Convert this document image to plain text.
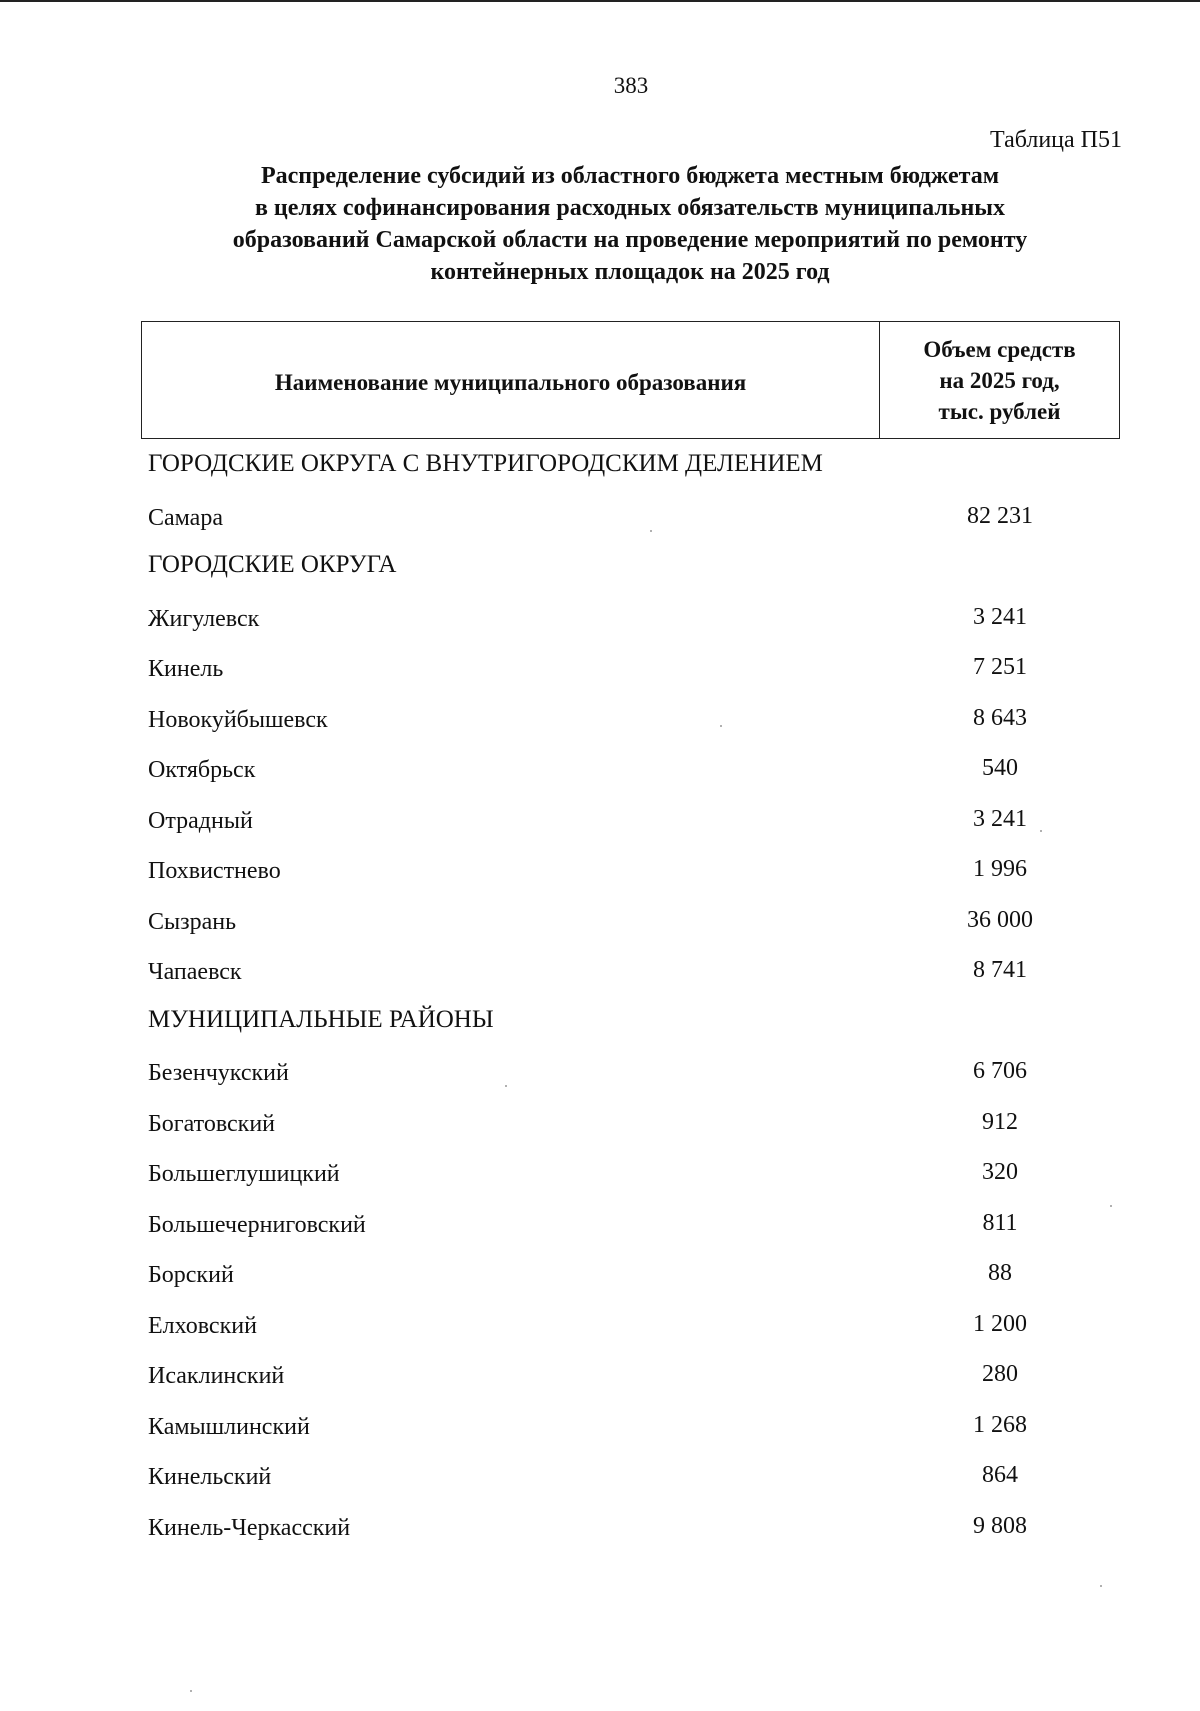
383
Таблица П51
Распределение субсидий из областного бюджета местным бюджетам
в целях софинансирования расходных обязательств муниципальных
образований Самарской области на проведение мероприятий по ремонту
контейнерных площадок на 2025 год
Наименование муниципального образования
Объем средств
на 2025 год,
тыс. рублей
ГОРОДСКИЕ ОКРУГА С ВНУТРИГОРОДСКИМ ДЕЛЕНИЕМ
Самара	82 231
ГОРОДСКИЕ ОКРУГА
Жигулевск	3 241
Кинель	7 251
Новокуйбышевск	8 643
Октябрьск	540
Отрадный	3 241
Похвистнево	1 996
Сызрань	36 000
Чапаевск	8 741
МУНИЦИПАЛЬНЫЕ РАЙОНЫ
Безенчукский	6 706
Богатовский	912
Большеглушицкий	320
Большечерниговский	811
Борский	88
Елховский	1 200
Исаклинский	280
Камышлинский	1 268
Кинельский	864
Кинель-Черкасский	9 808
